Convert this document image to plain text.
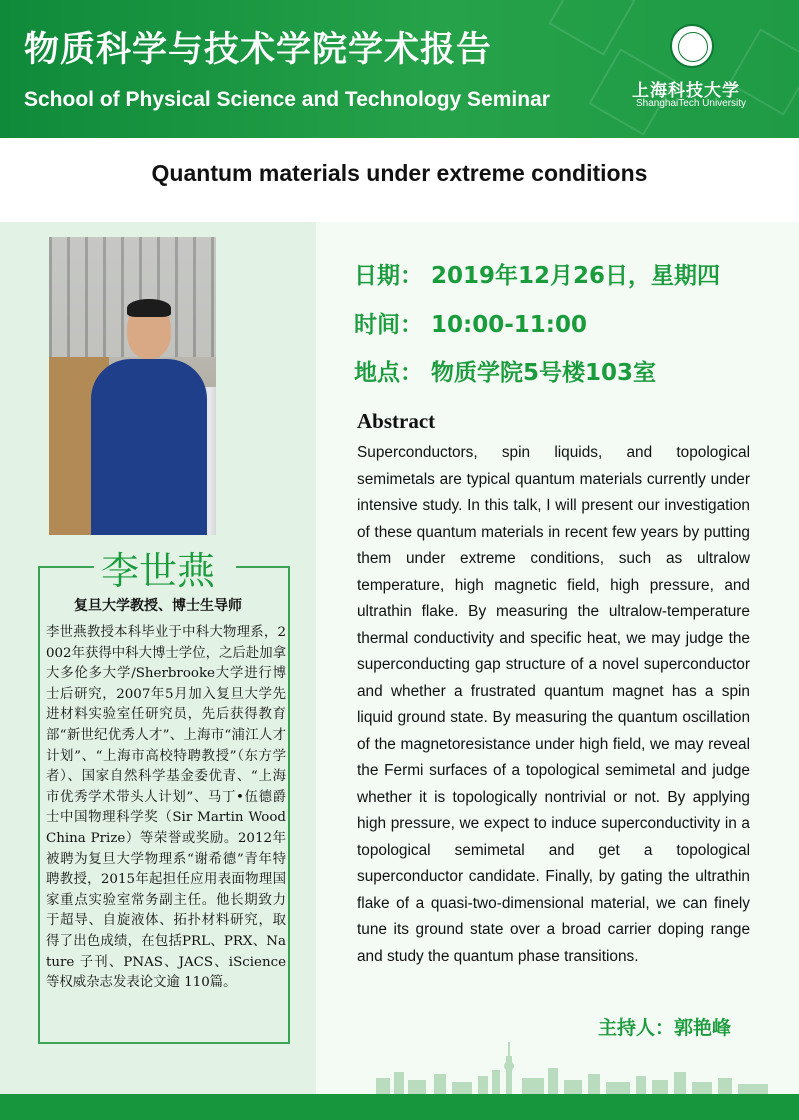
物质科学与技术学院学术报告
School of Physical Science and Technology Seminar	上海科技大学
ShanghaiTech University
Quantum materials under extreme conditions
李世燕
复旦大学教授、博士生导师
李世燕教授本科毕业于中科大物理系，2002年获得中科大博士学位，之后赴加拿大多伦多大学/Sherbrooke大学进行博士后研究，2007年5月加入复旦大学先进材料实验室任研究员，先后获得教育部“新世纪优秀人才”、上海市“浦江人才计划”、“上海市高校特聘教授”（东方学者）、国家自然科学基金委优青、“上海市优秀学术带头人计划”、马丁•伍德爵士中国物理科学奖（Sir Martin Wood China Prize）等荣誉或奖励。2012年被聘为复旦大学物理系“谢希德”青年特聘教授，2015年起担任应用表面物理国家重点实验室常务副主任。他长期致力于超导、自旋液体、拓扑材料研究，取得了出色成绩，在包括PRL、PRX、Nature 子刊、PNAS、JACS、iScience等权威杂志发表论文逾 110篇。
日期： 2019年12月26日，星期四
时间： 10:00-11:00
地点： 物质学院5号楼103室
Abstract
Superconductors, spin liquids, and topological semimetals are typical quantum materials currently under intensive study. In this talk, I will present our investigation of these quantum materials in recent few years by putting them under extreme conditions, such as ultralow temperature, high magnetic field, high pressure, and ultrathin flake. By measuring the ultralow-temperature thermal conductivity and specific heat, we may judge the superconducting gap structure of a novel superconductor and whether a frustrated quantum magnet has a spin liquid ground state. By measuring the quantum oscillation of the magnetoresistance under high field, we may reveal the Fermi surfaces of a topological semimetal and judge whether it is topologically nontrivial or not. By applying high pressure, we expect to induce superconductivity in a topological semimetal and get a topological superconductor candidate. Finally, by gating the ultrathin flake of a quasi-two-dimensional material, we can finely tune its ground state over a broad carrier doping range and study the quantum phase transitions.
主持人：郭艳峰
